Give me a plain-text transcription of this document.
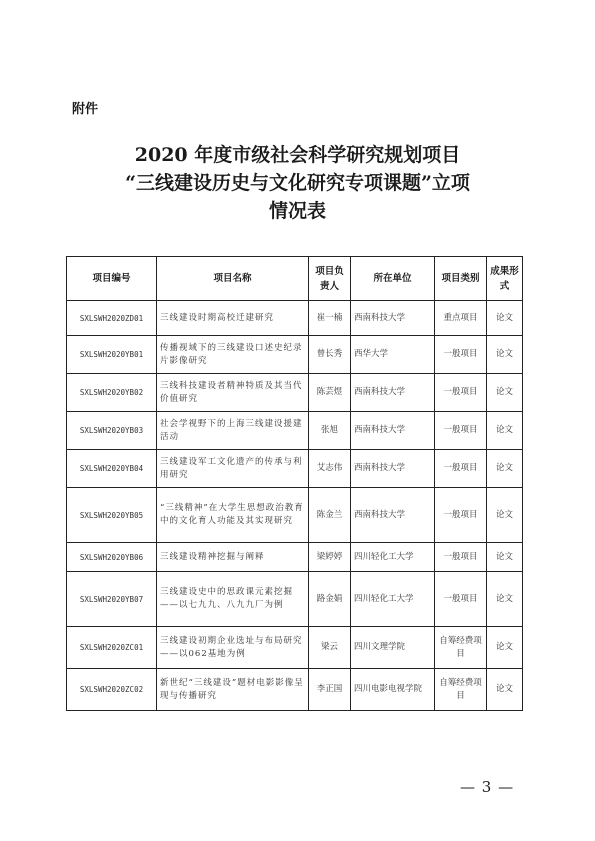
附件
2020 年度市级社会科学研究规划项目
“三线建设历史与文化研究专项课题”立项
情况表
项目编号	项目名称	项目负责人	所在单位	项目类别	成果形式
SXLSWH2020ZD01	三线建设时期高校迁建研究	崔一楠	西南科技大学	重点项目	论文
SXLSWH2020YB01	传播视域下的三线建设口述史纪录片影像研究	曾长秀	西华大学	一般项目	论文
SXLSWH2020YB02	三线科技建设者精神特质及其当代价值研究	陈芸煜	西南科技大学	一般项目	论文
SXLSWH2020YB03	社会学视野下的上海三线建设援建活动	张旭	西南科技大学	一般项目	论文
SXLSWH2020YB04	三线建设军工文化遗产的传承与利用研究	艾志伟	西南科技大学	一般项目	论文
SXLSWH2020YB05	“三线精神”在大学生思想政治教育中的文化育人功能及其实现研究	陈金兰	西南科技大学	一般项目	论文
SXLSWH2020YB06	三线建设精神挖掘与阐释	梁婷婷	四川轻化工大学	一般项目	论文
SXLSWH2020YB07	三线建设史中的思政课元素挖掘——以七九九、八九九厂为例	路金娟	四川轻化工大学	一般项目	论文
SXLSWH2020ZC01	三线建设初期企业选址与布局研究——以062基地为例	梁云	四川文理学院	自筹经费项目	论文
SXLSWH2020ZC02	新世纪“三线建设”题材电影影像呈现与传播研究	李正国	四川电影电视学院	自筹经费项目	论文
— 3 —
